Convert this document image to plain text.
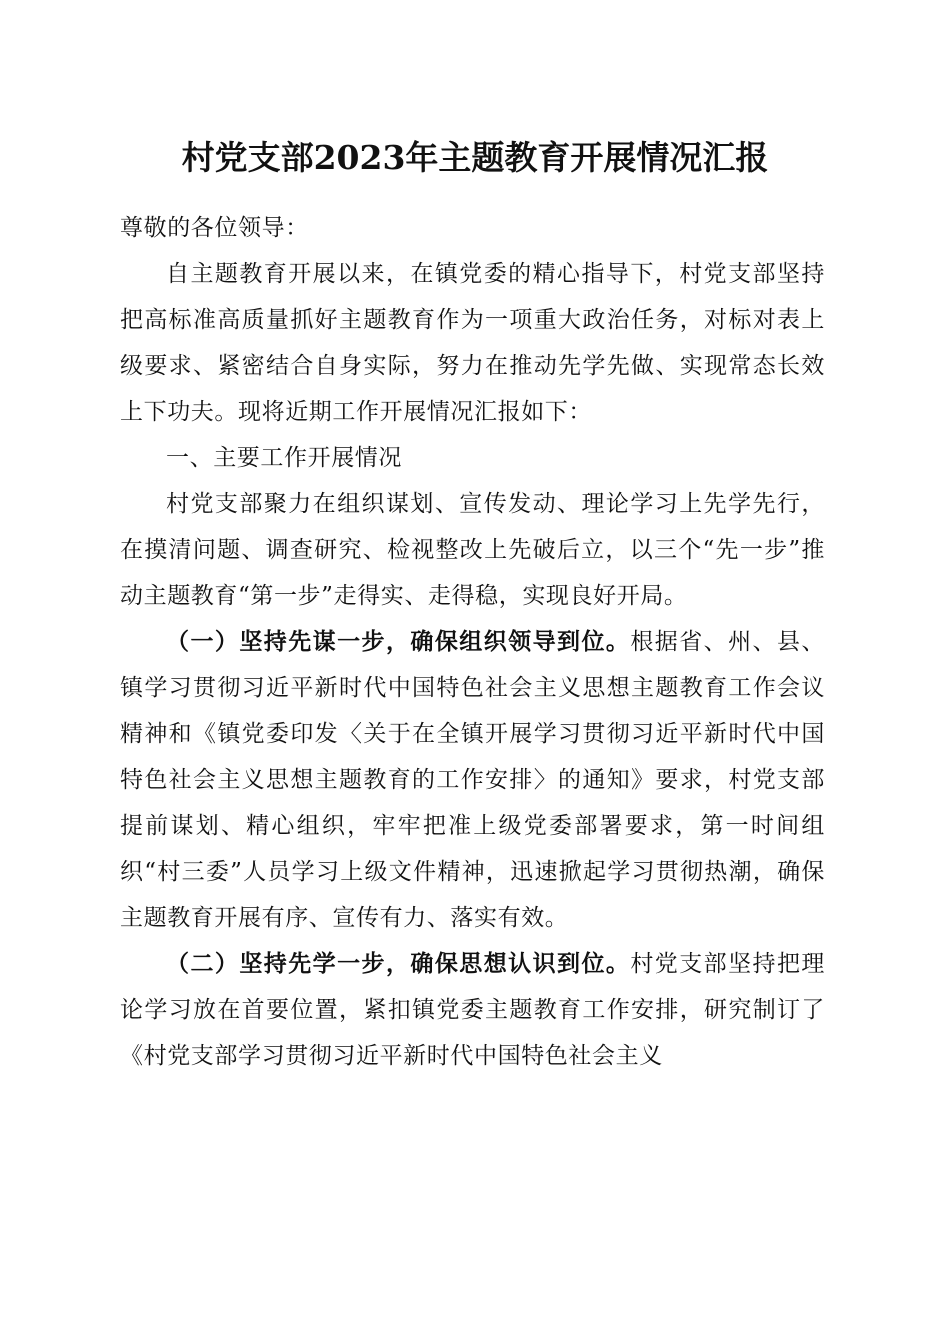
村党支部2023年主题教育开展情况汇报

尊敬的各位领导：

自主题教育开展以来，在镇党委的精心指导下，村党支部坚持把高标准高质量抓好主题教育作为一项重大政治任务，对标对表上级要求、紧密结合自身实际，努力在推动先学先做、实现常态长效上下功夫。现将近期工作开展情况汇报如下：

一、主要工作开展情况

村党支部聚力在组织谋划、宣传发动、理论学习上先学先行，在摸清问题、调查研究、检视整改上先破后立，以三个“先一步”推动主题教育“第一步”走得实、走得稳，实现良好开局。

（一）坚持先谋一步，确保组织领导到位。根据省、州、县、镇学习贯彻习近平新时代中国特色社会主义思想主题教育工作会议精神和《镇党委印发〈关于在全镇开展学习贯彻习近平新时代中国特色社会主义思想主题教育的工作安排〉的通知》要求，村党支部提前谋划、精心组织，牢牢把准上级党委部署要求，第一时间组织“村三委”人员学习上级文件精神，迅速掀起学习贯彻热潮，确保主题教育开展有序、宣传有力、落实有效。

（二）坚持先学一步，确保思想认识到位。村党支部坚持把理论学习放在首要位置，紧扣镇党委主题教育工作安排，研究制订了《村党支部学习贯彻习近平新时代中国特色社会主义
